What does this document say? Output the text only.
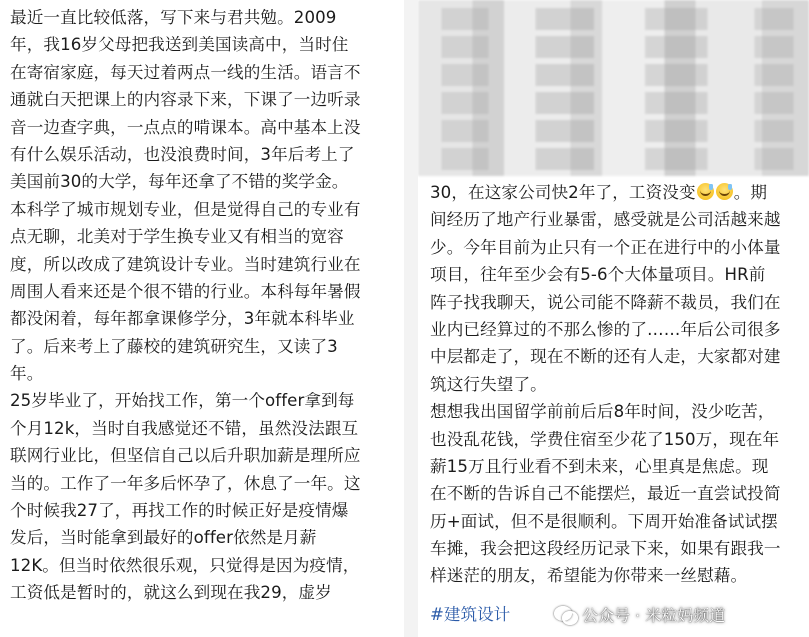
最近一直比较低落，写下来与君共勉。2009
年，我16岁父母把我送到美国读高中，当时住
在寄宿家庭，每天过着两点一线的生活。语言不
通就白天把课上的内容录下来，下课了一边听录
音一边查字典，一点点的啃课本。高中基本上没
有什么娱乐活动，也没浪费时间，3年后考上了
美国前30的大学，每年还拿了不错的奖学金。
本科学了城市规划专业，但是觉得自己的专业有
点无聊，北美对于学生换专业又有相当的宽容
度，所以改成了建筑设计专业。当时建筑行业在
周围人看来还是个很不错的行业。本科每年暑假
都没闲着，每年都拿课修学分，3年就本科毕业
了。后来考上了藤校的建筑研究生，又读了3
年。
25岁毕业了，开始找工作，第一个offer拿到每
个月12k，当时自我感觉还不错，虽然没法跟互
联网行业比，但坚信自己以后升职加薪是理所应
当的。工作了一年多后怀孕了，休息了一年。这
个时候我27了，再找工作的时候正好是疫情爆
发后，当时能拿到最好的offer依然是月薪
12K。但当时依然很乐观，只觉得是因为疫情，
工资低是暂时的，就这么到现在我29，虚岁
30，在这家公司快2年了，工资没变 。期
间经历了地产行业暴雷，感受就是公司活越来越
少。今年目前为止只有一个正在进行中的小体量
项目，往年至少会有5-6个大体量项目。HR前
阵子找我聊天，说公司能不降薪不裁员，我们在
业内已经算过的不那么惨的了……年后公司很多
中层都走了，现在不断的还有人走，大家都对建
筑这行失望了。
想想我出国留学前前后后8年时间，没少吃苦，
也没乱花钱，学费住宿至少花了150万，现在年
薪15万且行业看不到未来，心里真是焦虑。现
在不断的告诉自己不能摆烂，最近一直尝试投简
历+面试，但不是很顺利。下周开始准备试试摆
车摊，我会把这段经历记录下来，如果有跟我一
样迷茫的朋友，希望能为你带来一丝慰藉。
#建筑设计	公众号 · 米粒妈频道
